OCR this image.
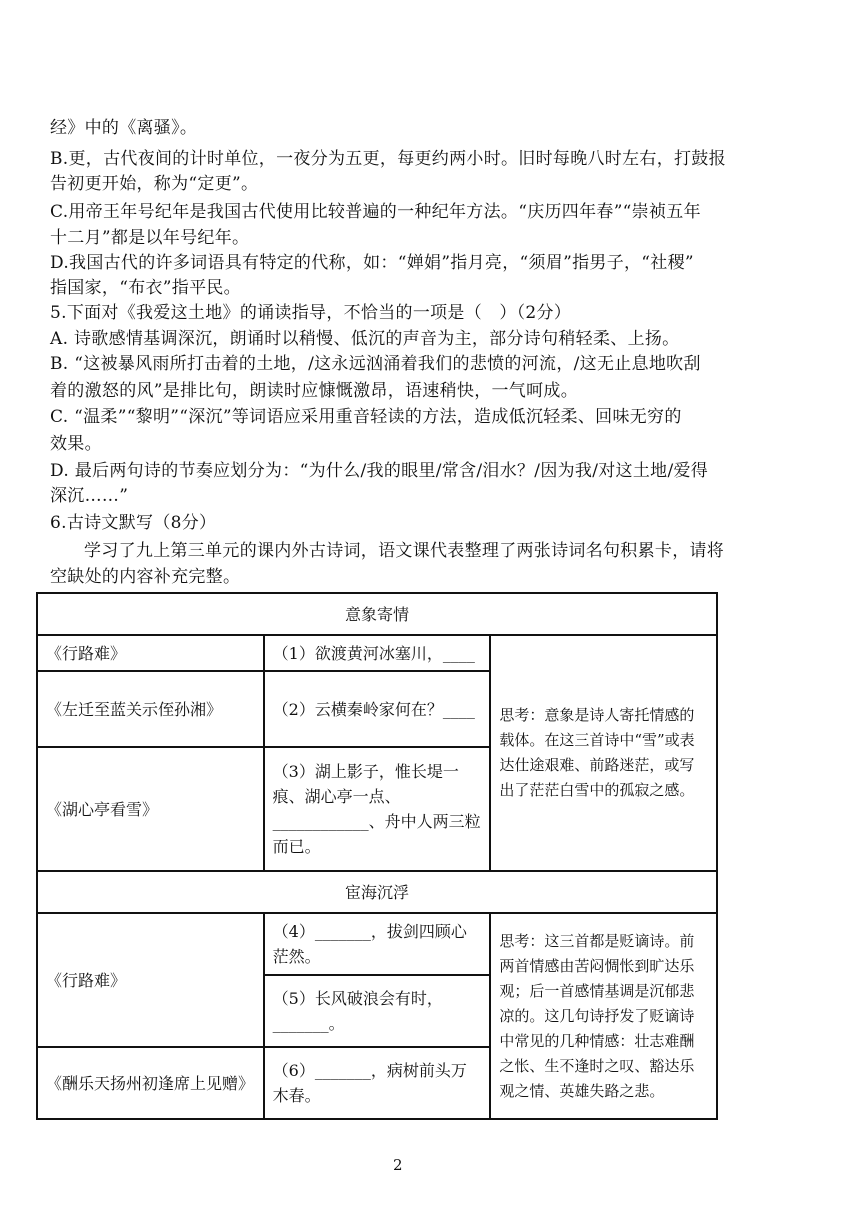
经》中的《离骚》。
B.更，古代夜间的计时单位，一夜分为五更，每更约两小时。旧时每晚八时左右，打鼓报
告初更开始，称为“定更”。
C.用帝王年号纪年是我国古代使用比较普遍的一种纪年方法。“庆历四年春”“崇祯五年
十二月”都是以年号纪年。
D.我国古代的许多词语具有特定的代称，如：“婵娟”指月亮，“须眉”指男子，“社稷”
指国家，“布衣”指平民。
5.下面对《我爱这土地》的诵读指导，不恰当的一项是（　）（2分）
A. 诗歌感情基调深沉，朗诵时以稍慢、低沉的声音为主，部分诗句稍轻柔、上扬。
B. “这被暴风雨所打击着的土地，/这永远汹涌着我们的悲愤的河流，/这无止息地吹刮
着的激怒的风”是排比句，朗读时应慷慨激昂，语速稍快，一气呵成。
C. “温柔”“黎明”“深沉”等词语应采用重音轻读的方法，造成低沉轻柔、回味无穷的
效果。
D. 最后两句诗的节奏应划分为：“为什么/我的眼里/常含/泪水？/因为我/对这土地/爱得
深沉……”
6.古诗文默写（8分）
学习了九上第三单元的课内外古诗词，语文课代表整理了两张诗词名句积累卡，请将
空缺处的内容补充完整。
意象寄情		
《行路难》	（1）欲渡黄河冰塞川，____	思考：意象是诗人寄托情感的载体。在这三首诗中“雪”或表达仕途艰难、前路迷茫，或写出了茫茫白雪中的孤寂之感。
《左迁至蓝关示侄孙湘》	（2）云横秦岭家何在？____	
《湖心亭看雪》	（3）湖上影子，惟长堤一痕、湖心亭一点、____________、舟中人两三粒而已。	
宦海沉浮		
《行路难》	（4）_______，拔剑四顾心茫然。	思考：这三首都是贬谪诗。前两首情感由苦闷惆怅到旷达乐观；后一首感情基调是沉郁悲凉的。这几句诗抒发了贬谪诗中常见的几种情感：壮志难酬之怅、生不逢时之叹、豁达乐观之情、英雄失路之悲。
	（5）长风破浪会有时，_______。	
《酬乐天扬州初逢席上见赠》	（6）_______，病树前头万木春。	
2
